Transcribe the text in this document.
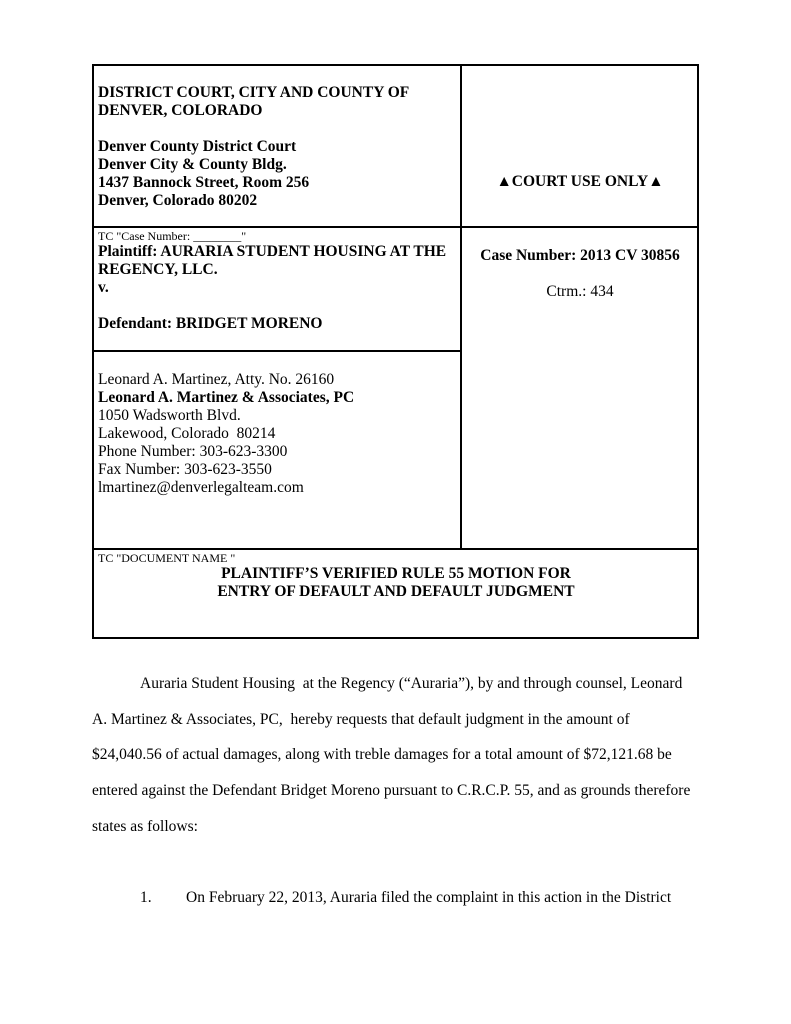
DISTRICT COURT, CITY AND COUNTY OF
DENVER, COLORADO
Denver County District Court
Denver City & County Bldg.
1437 Bannock Street, Room 256
Denver, Colorado 80202
▲COURT USE ONLY▲
TC "Case Number: ________"
Plaintiff: AURARIA STUDENT HOUSING AT THE
REGENCY, LLC.
v.
Defendant: BRIDGET MORENO
Case Number: 2013 CV 30856
Ctrm.: 434
Leonard A. Martinez, Atty. No. 26160
Leonard A. Martinez & Associates, PC
1050 Wadsworth Blvd.
Lakewood, Colorado  80214
Phone Number: 303-623-3300
Fax Number: 303-623-3550
lmartinez@denverlegalteam.com
TC "DOCUMENT NAME "
PLAINTIFF’S VERIFIED RULE 55 MOTION FOR
ENTRY OF DEFAULT AND DEFAULT JUDGMENT
Auraria Student Housing  at the Regency (“Auraria”), by and through counsel, Leonard
A. Martinez & Associates, PC,  hereby requests that default judgment in the amount of
$24,040.56 of actual damages, along with treble damages for a total amount of $72,121.68 be
entered against the Defendant Bridget Moreno pursuant to C.R.C.P. 55, and as grounds therefore
states as follows:
1. On February 22, 2013, Auraria filed the complaint in this action in the District
